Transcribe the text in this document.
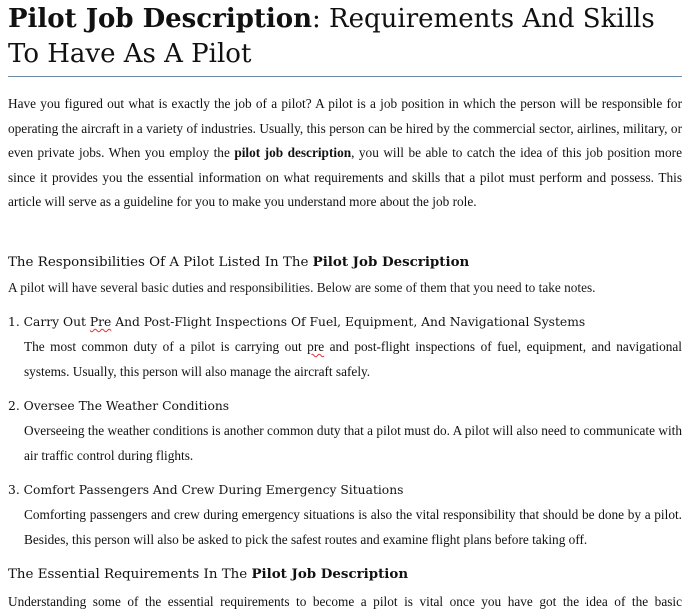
Pilot Job Description: Requirements And Skills To Have As A Pilot
Have you figured out what is exactly the job of a pilot? A pilot is a job position in which the person will be responsible for operating the aircraft in a variety of industries. Usually, this person can be hired by the commercial sector, airlines, military, or even private jobs. When you employ the pilot job description, you will be able to catch the idea of this job position more since it provides you the essential information on what requirements and skills that a pilot must perform and possess. This article will serve as a guideline for you to make you understand more about the job role.
The Responsibilities Of A Pilot Listed In The Pilot Job Description
A pilot will have several basic duties and responsibilities. Below are some of them that you need to take notes.
1. Carry Out Pre And Post-Flight Inspections Of Fuel, Equipment, And Navigational Systems
The most common duty of a pilot is carrying out pre and post-flight inspections of fuel, equipment, and navigational systems. Usually, this person will also manage the aircraft safely.
2. Oversee The Weather Conditions
Overseeing the weather conditions is another common duty that a pilot must do. A pilot will also need to communicate with air traffic control during flights.
3. Comfort Passengers And Crew During Emergency Situations
Comforting passengers and crew during emergency situations is also the vital responsibility that should be done by a pilot. Besides, this person will also be asked to pick the safest routes and examine flight plans before taking off.
The Essential Requirements In The Pilot Job Description
Understanding some of the essential requirements to become a pilot is vital once you have got the idea of the basic
